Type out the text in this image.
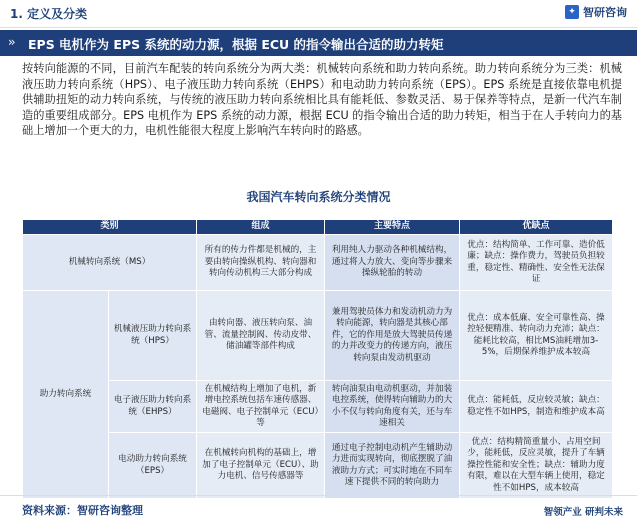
1. 定义及分类	✦ 智研咨询
›› EPS 电机作为 EPS 系统的动力源，根据 ECU 的指令输出合适的助力转矩
按转向能源的不同，目前汽车配装的转向系统分为两大类：机械转向系统和助力转向系统。助力转向系统分为三类：机械液压助力转向系统（HPS）、电子液压助力转向系统（EHPS）和电动助力转向系统（EPS）。EPS 系统是直接依靠电机提供辅助扭矩的动力转向系统，与传统的液压助力转向系统相比具有能耗低、参数灵活、易于保养等特点，是新一代汽车制造的重要组成部分。EPS 电机作为 EPS 系统的动力源，根据 ECU 的指令输出合适的助力转矩，相当于在人手转向力的基础上增加一个更大的力，电机性能很大程度上影响汽车转向时的路感。
我国汽车转向系统分类情况
类别		组成	主要特点	优缺点
机械转向系统（MS）		所有的传力件都是机械的，主要由转向操纵机构、转向器和转向传动机构三大部分构成	利用纯人力驱动各种机械结构，通过将人力放大、变向等步骤来操纵轮胎的转动	优点：结构简单、工作可靠、造价低廉；缺点：操作费力，驾驶员负担较重，稳定性、精确性、安全性无法保证
助力转向系统	机械液压助力转向系统（HPS）	由转向器、液压转向泵、油管、流量控制阀、传动皮带、储油罐等部件构成	兼用驾驶员体力和发动机动力为转向能源，转向器是其核心部件，它的作用是放大驾驶员传递的力并改变力的传递方向，液压转向泵由发动机驱动	优点：成本低廉、安全可靠性高、操控轻便精准、转向动力充沛；缺点：能耗比较高，相比MS油耗增加3-5%，后期保养维护成本较高
	电子液压助力转向系统（EHPS）	在机械结构上增加了电机，新增电控系统包括车速传感器、电磁阀、电子控制单元（ECU）等	转向油泵由电动机驱动，并加装电控系统，使得转向辅助力的大小不仅与转向角度有关，还与车速相关	优点：能耗低，反应较灵敏；缺点：稳定性不如HPS，制造和维护成本高
	电动助力转向系统（EPS）	在机械转向机构的基础上，增加了电子控制单元（ECU）、助力电机、信号传感器等	通过电子控制电动机产生辅助动力进而实现转向，彻底摆脱了油液助力方式；可实时地在不同车速下提供不同的转向助力	优点：结构精简重量小、占用空间少，能耗低，反应灵敏，提升了车辆操控性能和安全性；缺点：辅助力度有限，难以在大型车辆上使用，稳定性不如HPS，成本较高
资料来源：智研咨询整理	智领产业 研判未来
